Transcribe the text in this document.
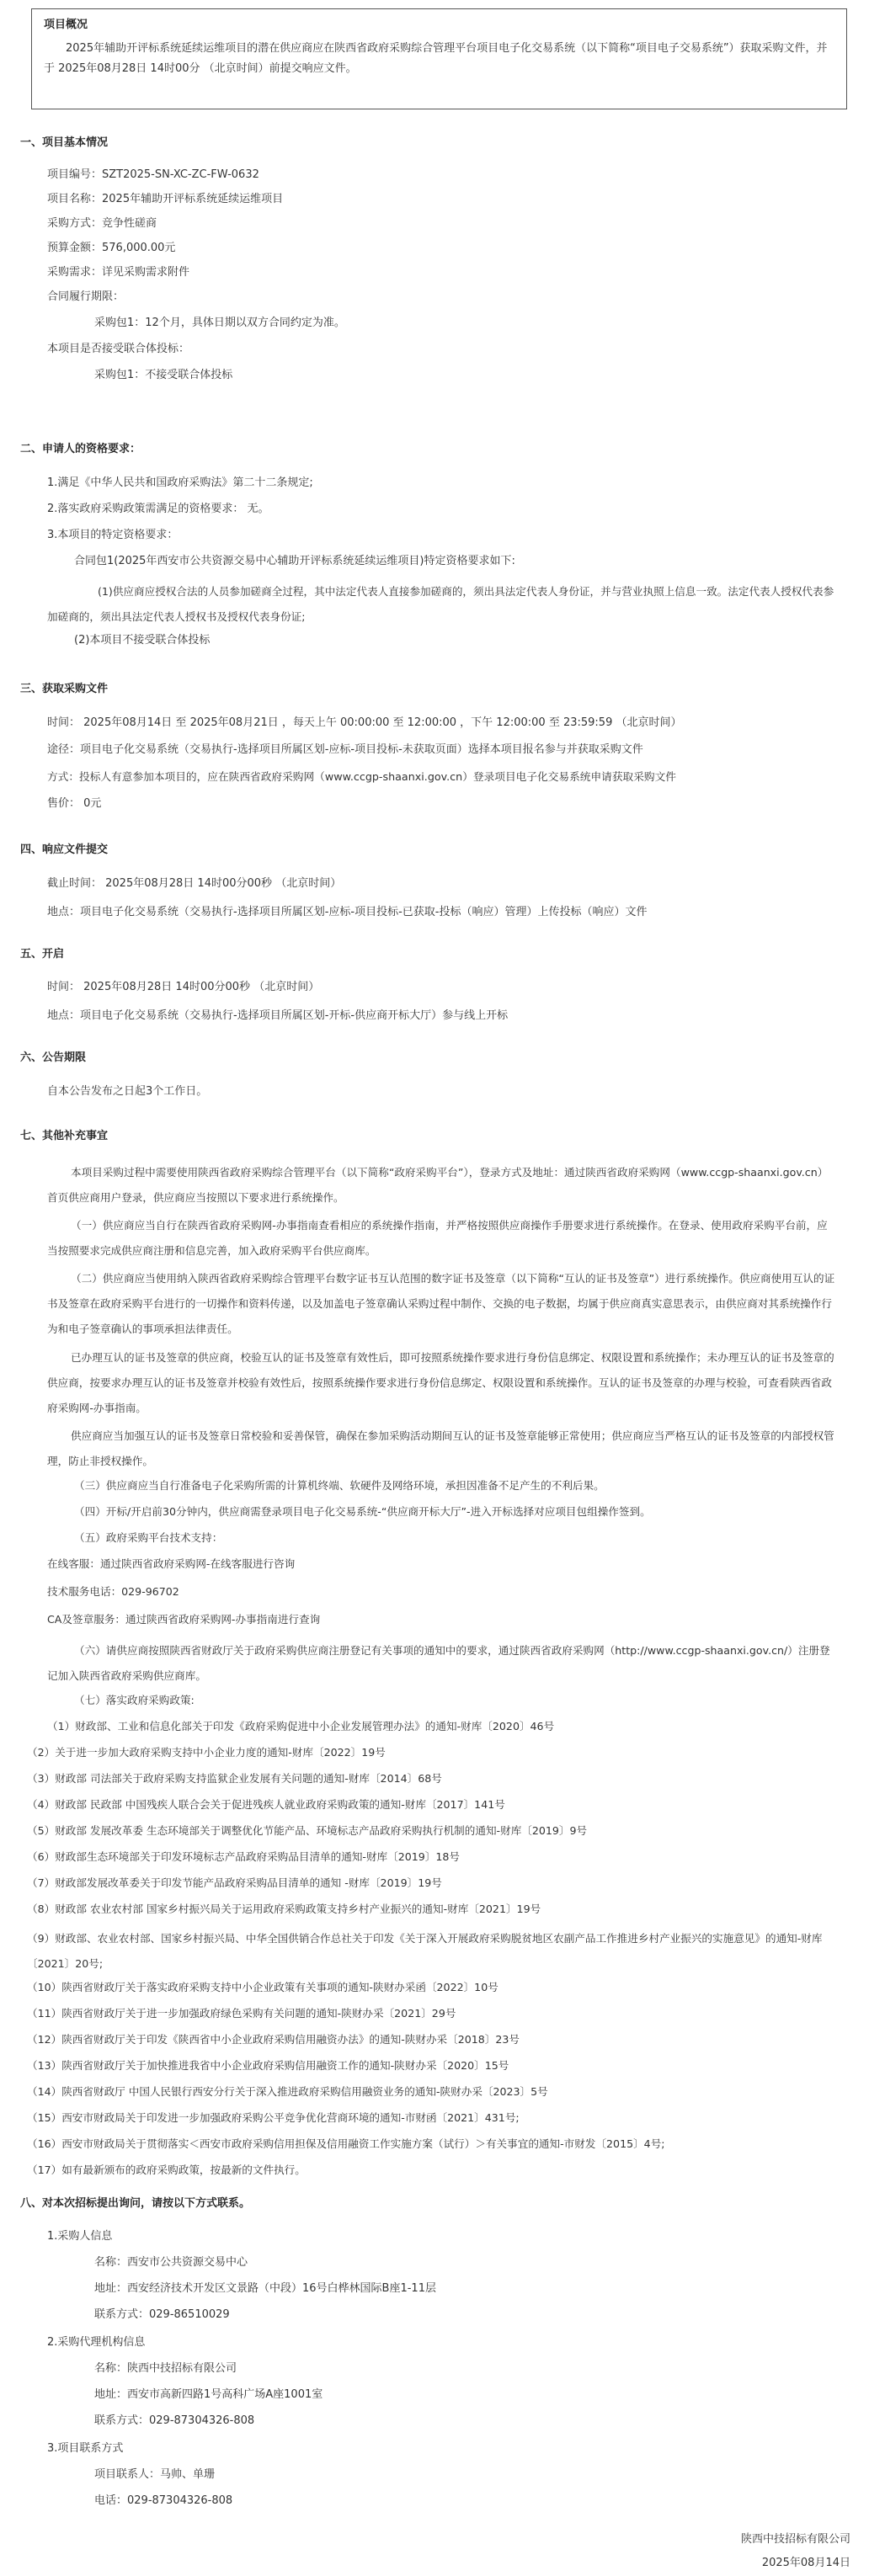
项目概况

2025年辅助开评标系统延续运维项目的潜在供应商应在陕西省政府采购综合管理平台项目电子化交易系统（以下简称“项目电子交易系统”）获取采购文件，并于 2025年08月28日 14时00分 （北京时间）前提交响应文件。

一、项目基本情况

项目编号：SZT2025-SN-XC-ZC-FW-0632

项目名称：2025年辅助开评标系统延续运维项目

采购方式：竞争性磋商

预算金额：576,000.00元

采购需求：详见采购需求附件

合同履行期限：

采购包1：12个月，具体日期以双方合同约定为准。

本项目是否接受联合体投标：

采购包1：不接受联合体投标

二、申请人的资格要求：

1.满足《中华人民共和国政府采购法》第二十二条规定;

2.落实政府采购政策需满足的资格要求： 无。

3.本项目的特定资格要求：

合同包1(2025年西安市公共资源交易中心辅助开评标系统延续运维项目)特定资格要求如下:

(1)供应商应授权合法的人员参加磋商全过程，其中法定代表人直接参加磋商的，须出具法定代表人身份证，并与营业执照上信息一致。法定代表人授权代表参加磋商的，须出具法定代表人授权书及授权代表身份证;

(2)本项目不接受联合体投标

三、获取采购文件

时间： 2025年08月14日 至 2025年08月21日 ，每天上午 00:00:00 至 12:00:00 ，下午 12:00:00 至 23:59:59 （北京时间）

途径：项目电子化交易系统（交易执行-选择项目所属区划-应标-项目投标-未获取页面）选择本项目报名参与并获取采购文件

方式：投标人有意参加本项目的，应在陕西省政府采购网（www.ccgp-shaanxi.gov.cn）登录项目电子化交易系统申请获取采购文件

售价： 0元

四、响应文件提交

截止时间： 2025年08月28日 14时00分00秒 （北京时间）

地点：项目电子化交易系统（交易执行-选择项目所属区划-应标-项目投标-已获取-投标（响应）管理）上传投标（响应）文件

五、开启

时间： 2025年08月28日 14时00分00秒 （北京时间）

地点：项目电子化交易系统（交易执行-选择项目所属区划-开标-供应商开标大厅）参与线上开标

六、公告期限

自本公告发布之日起3个工作日。

七、其他补充事宜

本项目采购过程中需要使用陕西省政府采购综合管理平台（以下简称“政府采购平台”），登录方式及地址：通过陕西省政府采购网（www.ccgp-shaanxi.gov.cn）首页供应商用户登录，供应商应当按照以下要求进行系统操作。

（一）供应商应当自行在陕西省政府采购网-办事指南查看相应的系统操作指南，并严格按照供应商操作手册要求进行系统操作。在登录、使用政府采购平台前，应当按照要求完成供应商注册和信息完善，加入政府采购平台供应商库。

（二）供应商应当使用纳入陕西省政府采购综合管理平台数字证书互认范围的数字证书及签章（以下简称“互认的证书及签章”）进行系统操作。供应商使用互认的证书及签章在政府采购平台进行的一切操作和资料传递，以及加盖电子签章确认采购过程中制作、交换的电子数据，均属于供应商真实意思表示，由供应商对其系统操作行为和电子签章确认的事项承担法律责任。

已办理互认的证书及签章的供应商，校验互认的证书及签章有效性后，即可按照系统操作要求进行身份信息绑定、权限设置和系统操作；未办理互认的证书及签章的供应商，按要求办理互认的证书及签章并校验有效性后，按照系统操作要求进行身份信息绑定、权限设置和系统操作。互认的证书及签章的办理与校验，可查看陕西省政府采购网-办事指南。

供应商应当加强互认的证书及签章日常校验和妥善保管，确保在参加采购活动期间互认的证书及签章能够正常使用；供应商应当严格互认的证书及签章的内部授权管理，防止非授权操作。

（三）供应商应当自行准备电子化采购所需的计算机终端、软硬件及网络环境，承担因准备不足产生的不利后果。

（四）开标/开启前30分钟内，供应商需登录项目电子化交易系统-“供应商开标大厅”-进入开标选择对应项目包组操作签到。

（五）政府采购平台技术支持：

在线客服：通过陕西省政府采购网-在线客服进行咨询

技术服务电话：029-96702

CA及签章服务：通过陕西省政府采购网-办事指南进行查询

（六）请供应商按照陕西省财政厅关于政府采购供应商注册登记有关事项的通知中的要求，通过陕西省政府采购网（http://www.ccgp-shaanxi.gov.cn/）注册登记加入陕西省政府采购供应商库。

（七）落实政府采购政策:

（1）财政部、工业和信息化部关于印发《政府采购促进中小企业发展管理办法》的通知-财库〔2020〕46号

（2）关于进一步加大政府采购支持中小企业力度的通知-财库〔2022〕19号

（3）财政部 司法部关于政府采购支持监狱企业发展有关问题的通知-财库〔2014〕68号

（4）财政部 民政部 中国残疾人联合会关于促进残疾人就业政府采购政策的通知-财库〔2017〕141号

（5）财政部 发展改革委 生态环境部关于调整优化节能产品、环境标志产品政府采购执行机制的通知-财库〔2019〕9号

（6）财政部生态环境部关于印发环境标志产品政府采购品目清单的通知-财库〔2019〕18号

（7）财政部发展改革委关于印发节能产品政府采购品目清单的通知 -财库〔2019〕19号

（8）财政部 农业农村部 国家乡村振兴局关于运用政府采购政策支持乡村产业振兴的通知-财库〔2021〕19号

（9）财政部、农业农村部、国家乡村振兴局、中华全国供销合作总社关于印发《关于深入开展政府采购脱贫地区农副产品工作推进乡村产业振兴的实施意见》的通知-财库〔2021〕20号;

（10）陕西省财政厅关于落实政府采购支持中小企业政策有关事项的通知-陕财办采函〔2022〕10号

（11）陕西省财政厅关于进一步加强政府绿色采购有关问题的通知-陕财办采〔2021〕29号

（12）陕西省财政厅关于印发《陕西省中小企业政府采购信用融资办法》的通知-陕财办采〔2018〕23号

（13）陕西省财政厅关于加快推进我省中小企业政府采购信用融资工作的通知-陕财办采〔2020〕15号

（14）陕西省财政厅 中国人民银行西安分行关于深入推进政府采购信用融资业务的通知-陕财办采〔2023〕5号

（15）西安市财政局关于印发进一步加强政府采购公平竞争优化营商环境的通知-市财函〔2021〕431号;

（16）西安市财政局关于贯彻落实＜西安市政府采购信用担保及信用融资工作实施方案（试行）＞有关事宜的通知-市财发〔2015〕4号;

（17）如有最新颁布的政府采购政策，按最新的文件执行。

八、对本次招标提出询问，请按以下方式联系。

1.采购人信息

名称：西安市公共资源交易中心

地址：西安经济技术开发区文景路（中段）16号白桦林国际B座1-11层

联系方式：029-86510029

2.采购代理机构信息

名称：陕西中技招标有限公司

地址：西安市高新四路1号高科广场A座1001室

联系方式：029-87304326-808

3.项目联系方式

项目联系人：马帅、单珊

电话：029-87304326-808

陕西中技招标有限公司

2025年08月14日
